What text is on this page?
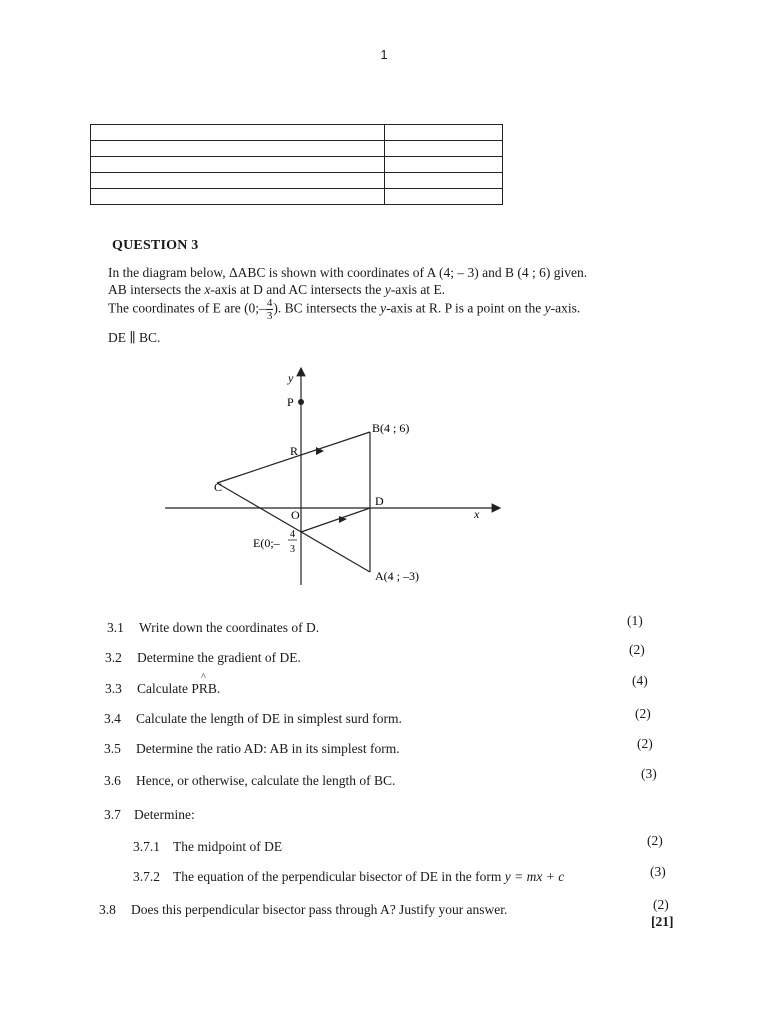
1

QUESTION 3
In the diagram below, ΔABC is shown with coordinates of A (4; – 3) and B (4 ; 6) given.
AB intersects the x-axis at D and AC intersects the y-axis at E.
The coordinates of E are (0;– $\frac{4}{3}$ ). BC intersects the y-axis at R. P is a point on the y-axis.
DE ∥ BC.
y
x
P
R
C
O
D
B(4 ; 6)
A(4 ; –3)
E(0;–
4
3
3.1 Write down the coordinates of D.	(1)
3.2 Determine the gradient of DE.
(2)
3.3 Calculate P^ RB.
(4)
3.4 Calculate the length of DE in simplest surd form.	(2)
3.5 Determine the ratio AD: AB in its simplest form.	(2)
3.6 Hence, or otherwise, calculate the length of BC.	(3)
3.7 Determine:
3.7.1 The midpoint of DE	(2)
3.7.2 The equation of the perpendicular bisector of DE in the form y = mx + c	(3)
3.8 Does this perpendicular bisector pass through A? Justify your answer.	(2)
[21]
